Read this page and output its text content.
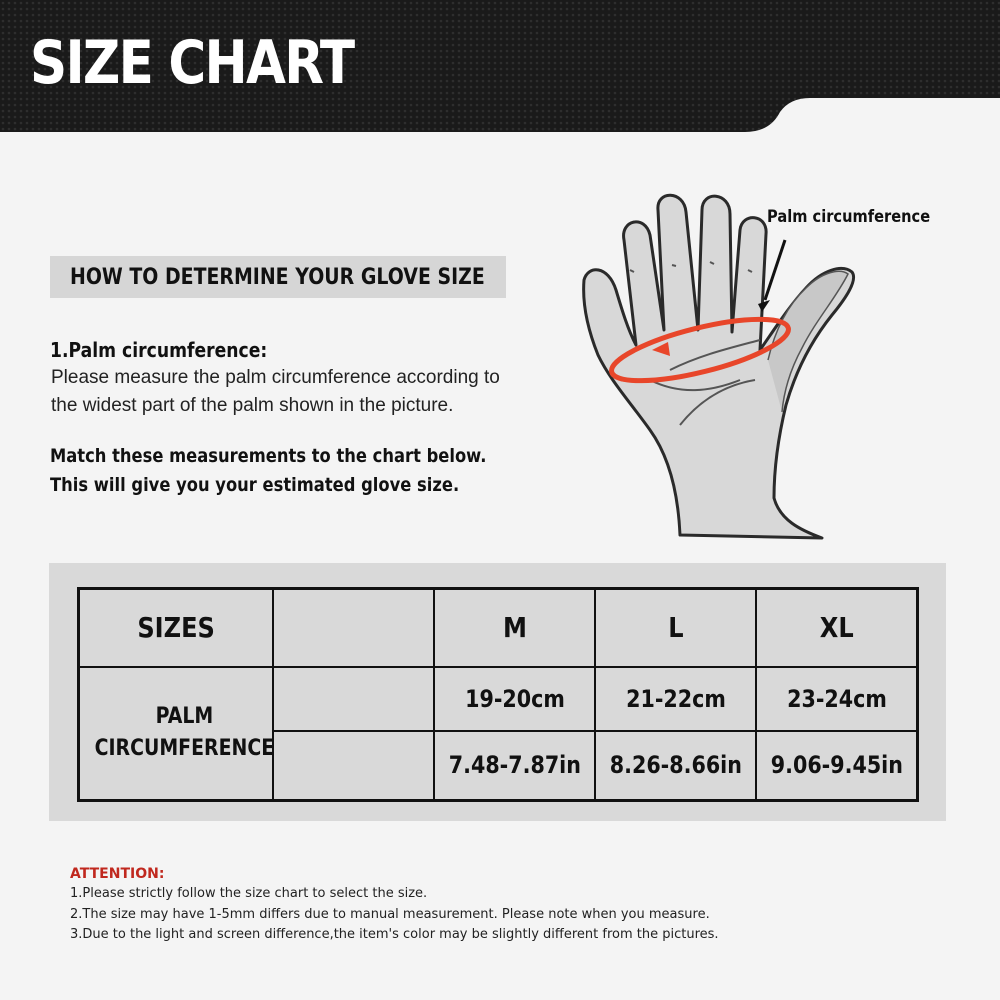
SIZE CHART
HOW TO DETERMINE YOUR GLOVE SIZE
1.Palm circumference:
Please measure the palm circumference according to
the widest part of the palm shown in the picture.
Match these measurements to the chart below.
This will give you your estimated glove size.
Palm circumference
SIZES		M	L	XL
PALM
CIRCUMFERENCE		19-20cm	21-22cm	23-24cm
		7.48-7.87in	8.26-8.66in	9.06-9.45in
ATTENTION:
1.Please strictly follow the size chart to select the size.
2.The size may have 1-5mm differs due to manual measurement. Please note when you measure.
3.Due to the light and screen difference,the item's color may be slightly different from the pictures.
